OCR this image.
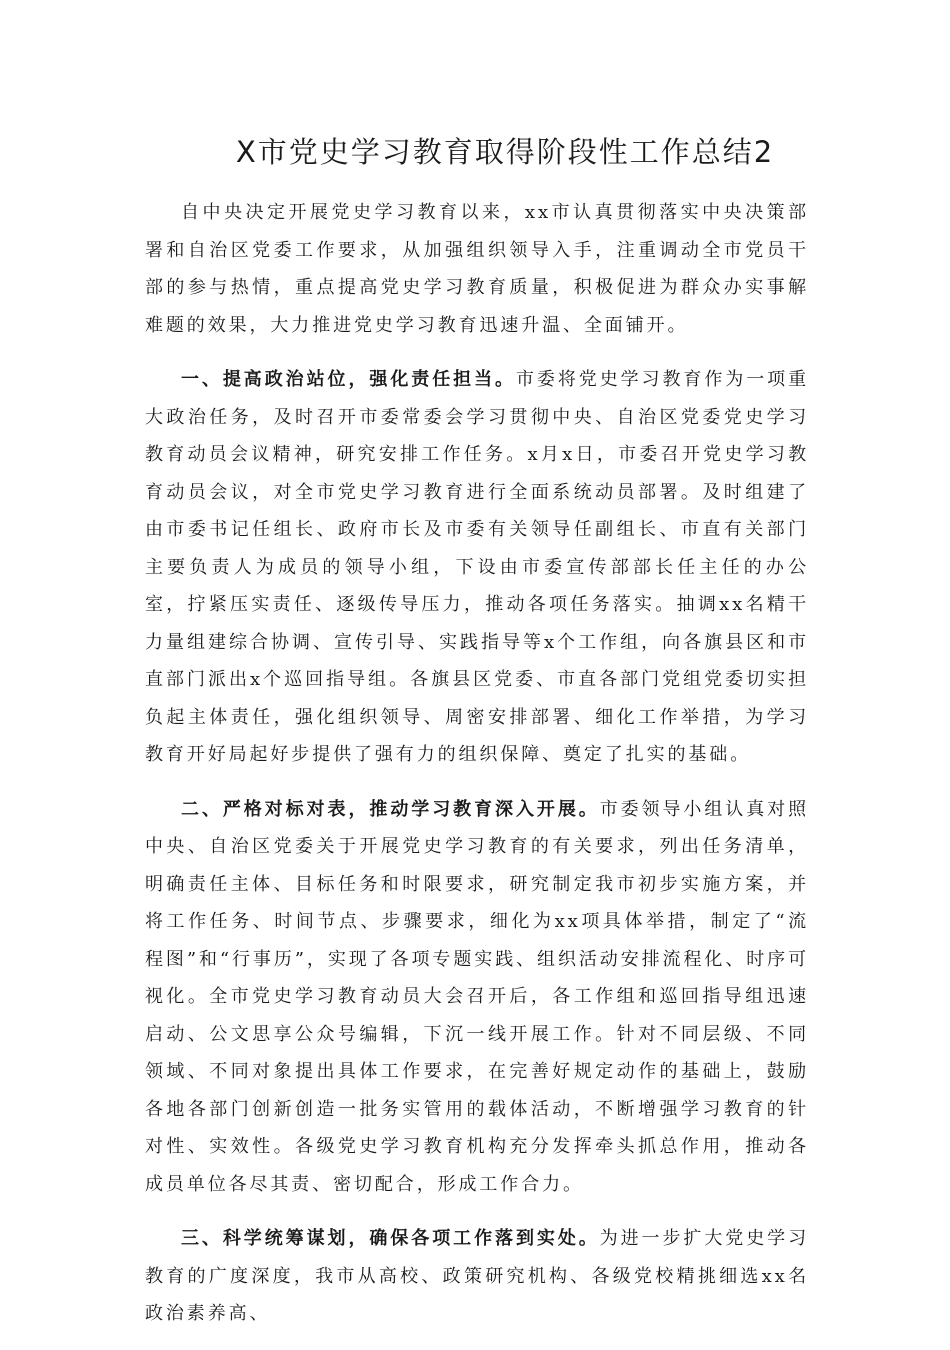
X市党史学习教育取得阶段性工作总结2

自中央决定开展党史学习教育以来，xx市认真贯彻落实中央决策部署和自治区党委工作要求，从加强组织领导入手，注重调动全市党员干部的参与热情，重点提高党史学习教育质量，积极促进为群众办实事解难题的效果，大力推进党史学习教育迅速升温、全面铺开。

一、提高政治站位，强化责任担当。市委将党史学习教育作为一项重大政治任务，及时召开市委常委会学习贯彻中央、自治区党委党史学习教育动员会议精神，研究安排工作任务。x月x日，市委召开党史学习教育动员会议，对全市党史学习教育进行全面系统动员部署。及时组建了由市委书记任组长、政府市长及市委有关领导任副组长、市直有关部门主要负责人为成员的领导小组，下设由市委宣传部部长任主任的办公室，拧紧压实责任、逐级传导压力，推动各项任务落实。抽调xx名精干力量组建综合协调、宣传引导、实践指导等x个工作组，向各旗县区和市直部门派出x个巡回指导组。各旗县区党委、市直各部门党组党委切实担负起主体责任，强化组织领导、周密安排部署、细化工作举措，为学习教育开好局起好步提供了强有力的组织保障、奠定了扎实的基础。

二、严格对标对表，推动学习教育深入开展。市委领导小组认真对照中央、自治区党委关于开展党史学习教育的有关要求，列出任务清单，明确责任主体、目标任务和时限要求，研究制定我市初步实施方案，并将工作任务、时间节点、步骤要求，细化为xx项具体举措，制定了“流程图”和“行事历”，实现了各项专题实践、组织活动安排流程化、时序可视化。全市党史学习教育动员大会召开后，各工作组和巡回指导组迅速启动、公文思享公众号编辑，下沉一线开展工作。针对不同层级、不同领域、不同对象提出具体工作要求，在完善好规定动作的基础上，鼓励各地各部门创新创造一批务实管用的载体活动，不断增强学习教育的针对性、实效性。各级党史学习教育机构充分发挥牵头抓总作用，推动各成员单位各尽其责、密切配合，形成工作合力。

三、科学统筹谋划，确保各项工作落到实处。为进一步扩大党史学习教育的广度深度，我市从高校、政策研究机构、各级党校精挑细选xx名政治素养高、
